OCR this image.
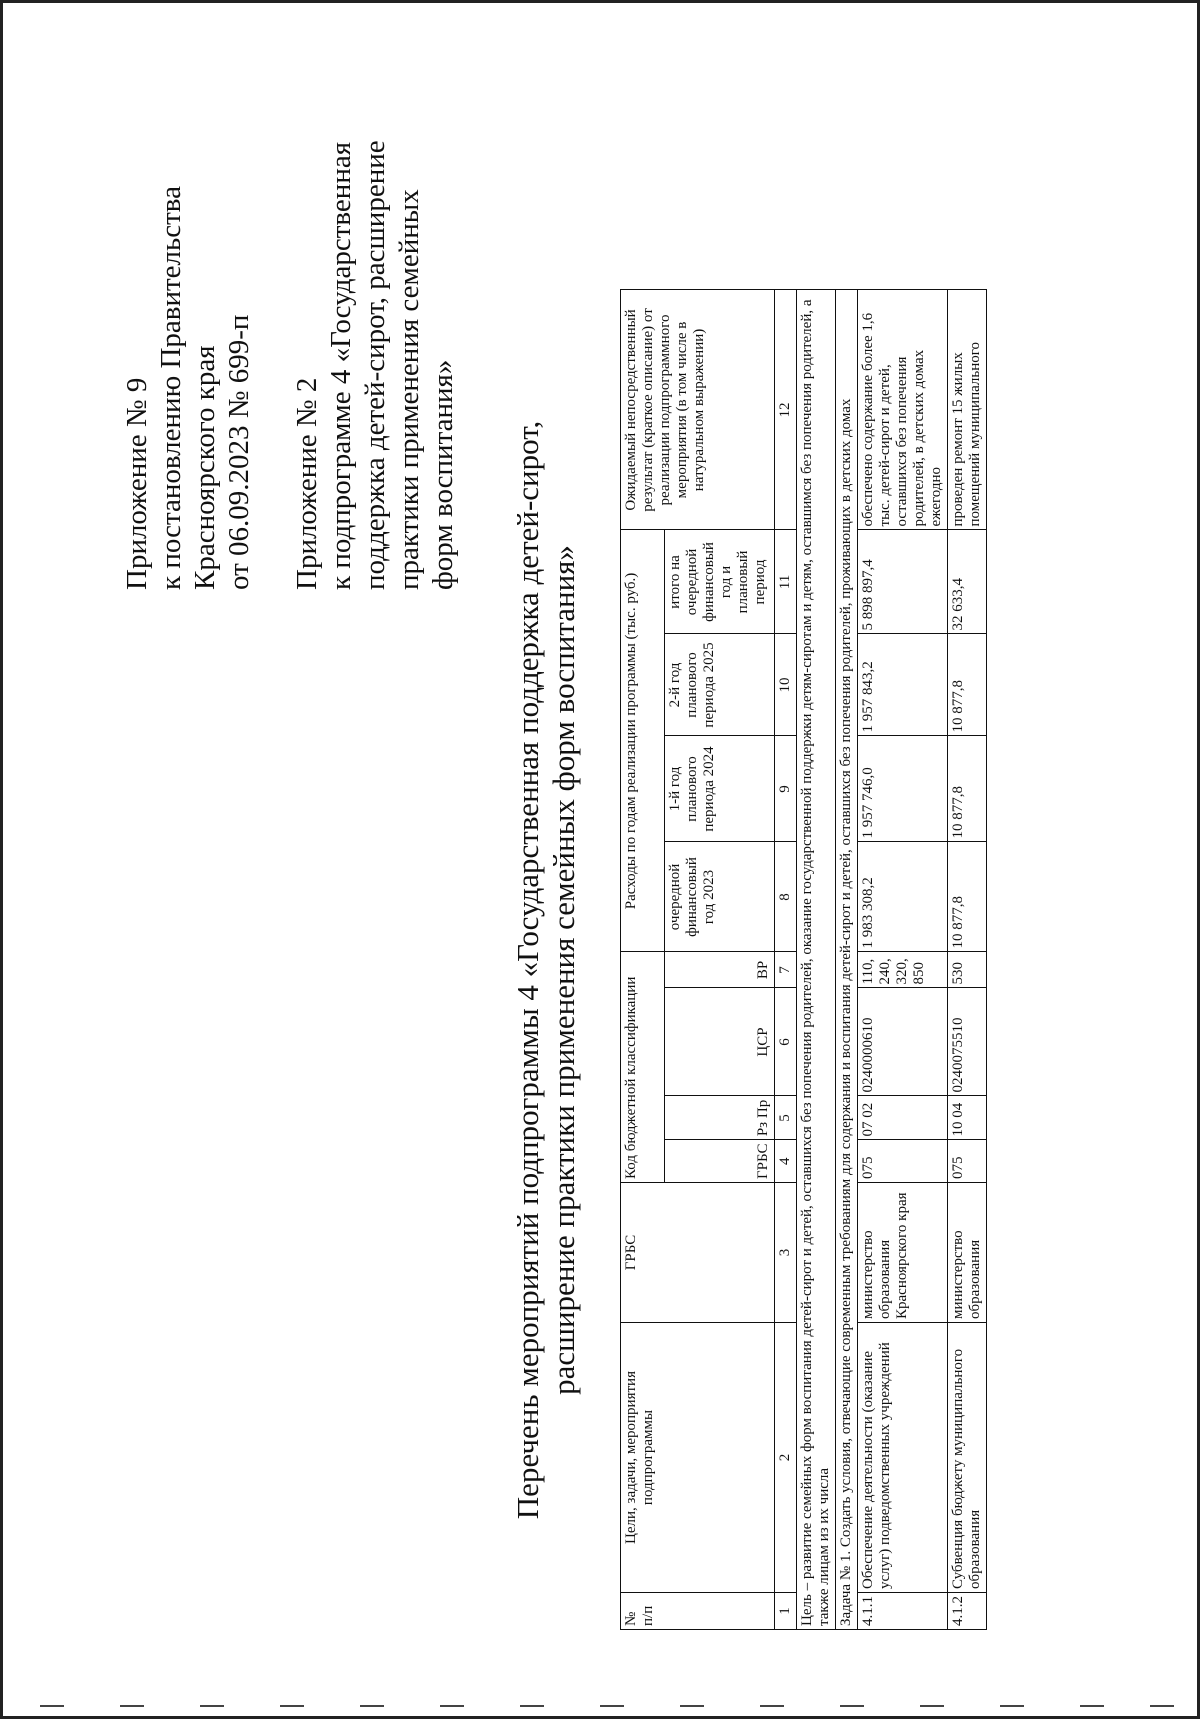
Приложение № 9 к постановлению Правительства Красноярского края от 06.09.2023 № 699-п Приложение № 2 к подпрограмме 4 «Государственная поддержка детей-сирот, расширение практики применения семейных форм воспитания» Перечень мероприятий подпрограммы 4 «Государственная поддержка детей-сирот, расширение практики применения семейных форм воспитания»
№ п/п	Цели, задачи, мероприятия подпрограммы	ГРБС	Код бюджетной классификации				Расходы по годам реализации программы (тыс. руб.)				Ожидаемый непосредственный результат (краткое описание) от реализации подпрограммного мероприятия (в том числе в натуральном выражении)
			ГРБС	Рз Пр	ЦСР	ВР	очередной финансовый год 2023	1-й год планового периода 2024	2-й год планового периода 2025	итого на очередной финансовый год и плановый период	
1	2	3	4	5	6	7	8	9	10	11	12
Цель – развитие семейных форм воспитания детей-сирот и детей, оставшихся без попечения родителей, оказание государственной поддержки детям-сиротам и детям, оставшимся без попечения родителей, а также лицам из их числа											
Задача № 1. Создать условия, отвечающие современным требованиям для содержания и воспитания детей-сирот и детей, оставшихся без попечения родителей, проживающих в детских домах											
4.1.1	Обеспечение деятельности (оказание услуг) подведомственных учреждений	министерство образования Красноярского края	075	07 02	0240000610	110, 240, 320, 850	1 983 308,2	1 957 746,0	1 957 843,2	5 898 897,4	обеспечено содержание более 1,6 тыс. детей-сирот и детей, оставшихся без попечения родителей, в детских домах ежегодно
4.1.2	Субвенция бюджету муниципального образования	министерство образования	075	10 04	0240075510	530	10 877,8	10 877,8	10 877,8	32 633,4	проведен ремонт 15 жилых помещений муниципального
